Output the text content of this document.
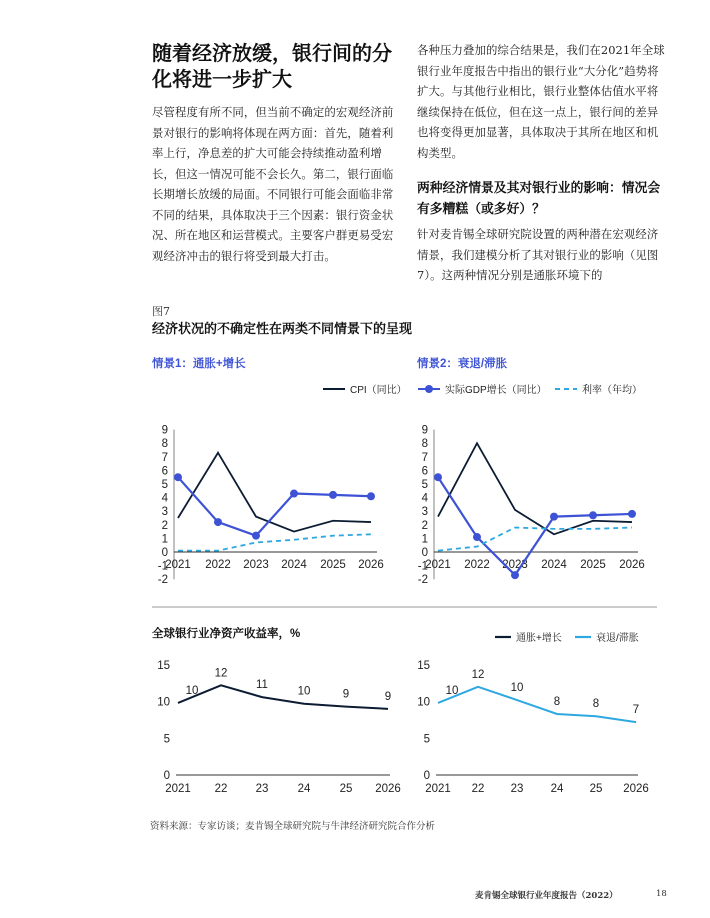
随着经济放缓，银行间的分化将进一步扩大
尽管程度有所不同，但当前不确定的宏观经济前景对银行的影响将体现在两方面：首先，随着利率上行，净息差的扩大可能会持续推动盈利增长，但这一情况可能不会长久。第二，银行面临长期增长放缓的局面。不同银行可能会面临非常不同的结果，具体取决于三个因素：银行资金状况、所在地区和运营模式。主要客户群更易受宏观经济冲击的银行将受到最大打击。
各种压力叠加的综合结果是，我们在2021年全球银行业年度报告中指出的银行业“大分化”趋势将扩大。与其他行业相比，银行业整体估值水平将继续保持在低位，但在这一点上，银行间的差异也将变得更加显著，具体取决于其所在地区和机构类型。
两种经济情景及其对银行业的影响：情况会有多糟糕（或多好）？
针对麦肯锡全球研究院设置的两种潜在宏观经济情景，我们建模分析了其对银行业的影响（见图7）。这两种情况分别是通胀环境下的
图7
经济状况的不确定性在两类不同情景下的呈现
情景1：通胀+增长
-2
-1
0
1
2
3
4
5
6
7
8
9
2021 2022 2023 2024 2025 2026
情景2：衰退/滞胀
-2
-1
0
1
2
3
4
5
6
7
8
9
2021 2022 2023 2024 2025 2026
CPI（同比）	实际GDP增长（同比）	利率（年均）
全球银行业净资产收益率，%
0
5
10
15
2021 22 23	24	25 2026
10
12
11
10	9	9
0
5
10
15
2021 22 23 24 25 2026
10
12
10
8	8	7
通胀+增长	衰退/滞胀
资料来源：专家访谈；麦肯锡全球研究院与牛津经济研究院合作分析
麦肯锡全球银行业年度报告（2022）	18
